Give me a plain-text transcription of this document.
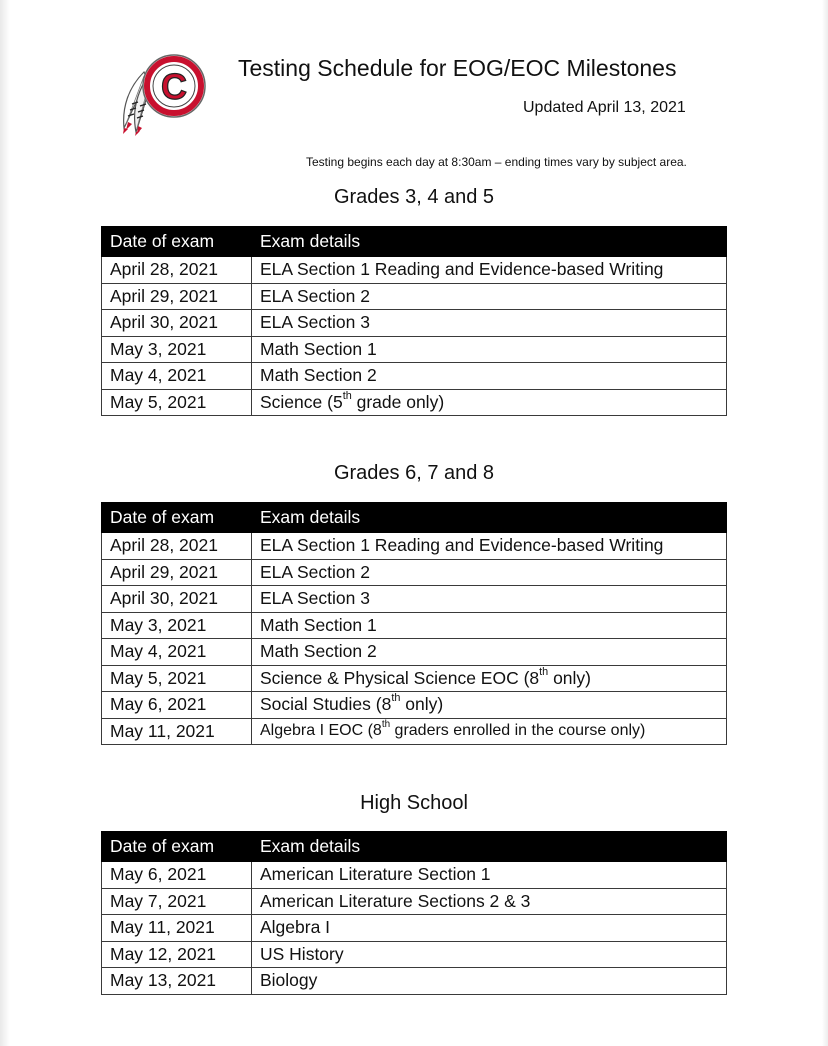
C Testing Schedule for EOG/EOC Milestones
Updated April 13, 2021
Testing begins each day at 8:30am – ending times vary by subject area.
Grades 3, 4 and 5
Date of exam	Exam details
April 28, 2021	ELA Section 1 Reading and Evidence-based Writing
April 29, 2021	ELA Section 2
April 30, 2021	ELA Section 3
May 3, 2021	Math Section 1
May 4, 2021	Math Section 2
May 5, 2021	Science (5th grade only)
Grades 6, 7 and 8
Date of exam	Exam details
April 28, 2021	ELA Section 1 Reading and Evidence-based Writing
April 29, 2021	ELA Section 2
April 30, 2021	ELA Section 3
May 3, 2021	Math Section 1
May 4, 2021	Math Section 2
May 5, 2021	Science & Physical Science EOC (8th only)
May 6, 2021	Social Studies (8th only)
May 11, 2021	Algebra I EOC (8th graders enrolled in the course only)
High School
Date of exam	Exam details
May 6, 2021	American Literature Section 1
May 7, 2021	American Literature Sections 2 & 3
May 11, 2021	Algebra I
May 12, 2021	US History
May 13, 2021	Biology
